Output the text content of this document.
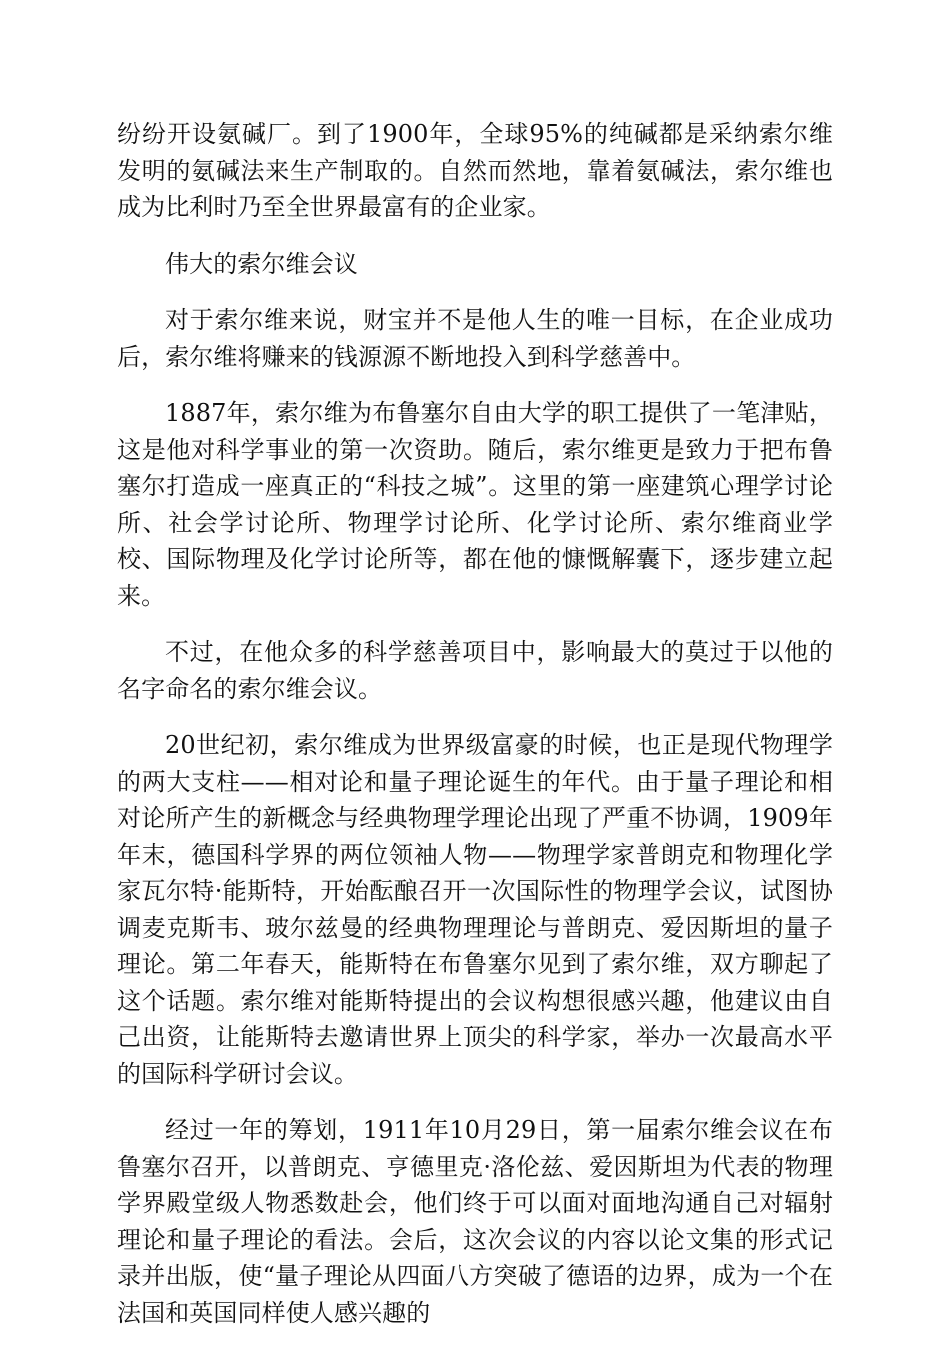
纷纷开设氨碱厂。到了1900年，全球95%的纯碱都是采纳索尔维发明的氨碱法来生产制取的。自然而然地，靠着氨碱法，索尔维也成为比利时乃至全世界最富有的企业家。

伟大的索尔维会议

对于索尔维来说，财宝并不是他人生的唯一目标，在企业成功后，索尔维将赚来的钱源源不断地投入到科学慈善中。

1887年，索尔维为布鲁塞尔自由大学的职工提供了一笔津贴，这是他对科学事业的第一次资助。随后，索尔维更是致力于把布鲁塞尔打造成一座真正的“科技之城”。这里的第一座建筑心理学讨论所、社会学讨论所、物理学讨论所、化学讨论所、索尔维商业学校、国际物理及化学讨论所等，都在他的慷慨解囊下，逐步建立起来。

不过，在他众多的科学慈善项目中，影响最大的莫过于以他的名字命名的索尔维会议。

20世纪初，索尔维成为世界级富豪的时候，也正是现代物理学的两大支柱——相对论和量子理论诞生的年代。由于量子理论和相对论所产生的新概念与经典物理学理论出现了严重不协调，1909年年末，德国科学界的两位领袖人物——物理学家普朗克和物理化学家瓦尔特·能斯特，开始酝酿召开一次国际性的物理学会议，试图协调麦克斯韦、玻尔兹曼的经典物理理论与普朗克、爱因斯坦的量子理论。第二年春天，能斯特在布鲁塞尔见到了索尔维，双方聊起了这个话题。索尔维对能斯特提出的会议构想很感兴趣，他建议由自己出资，让能斯特去邀请世界上顶尖的科学家，举办一次最高水平的国际科学研讨会议。

经过一年的筹划，1911年10月29日，第一届索尔维会议在布鲁塞尔召开，以普朗克、亨德里克·洛伦兹、爱因斯坦为代表的物理学界殿堂级人物悉数赴会，他们终于可以面对面地沟通自己对辐射理论和量子理论的看法。会后，这次会议的内容以论文集的形式记录并出版，使“量子理论从四面八方突破了德语的边界，成为一个在法国和英国同样使人感兴趣的
